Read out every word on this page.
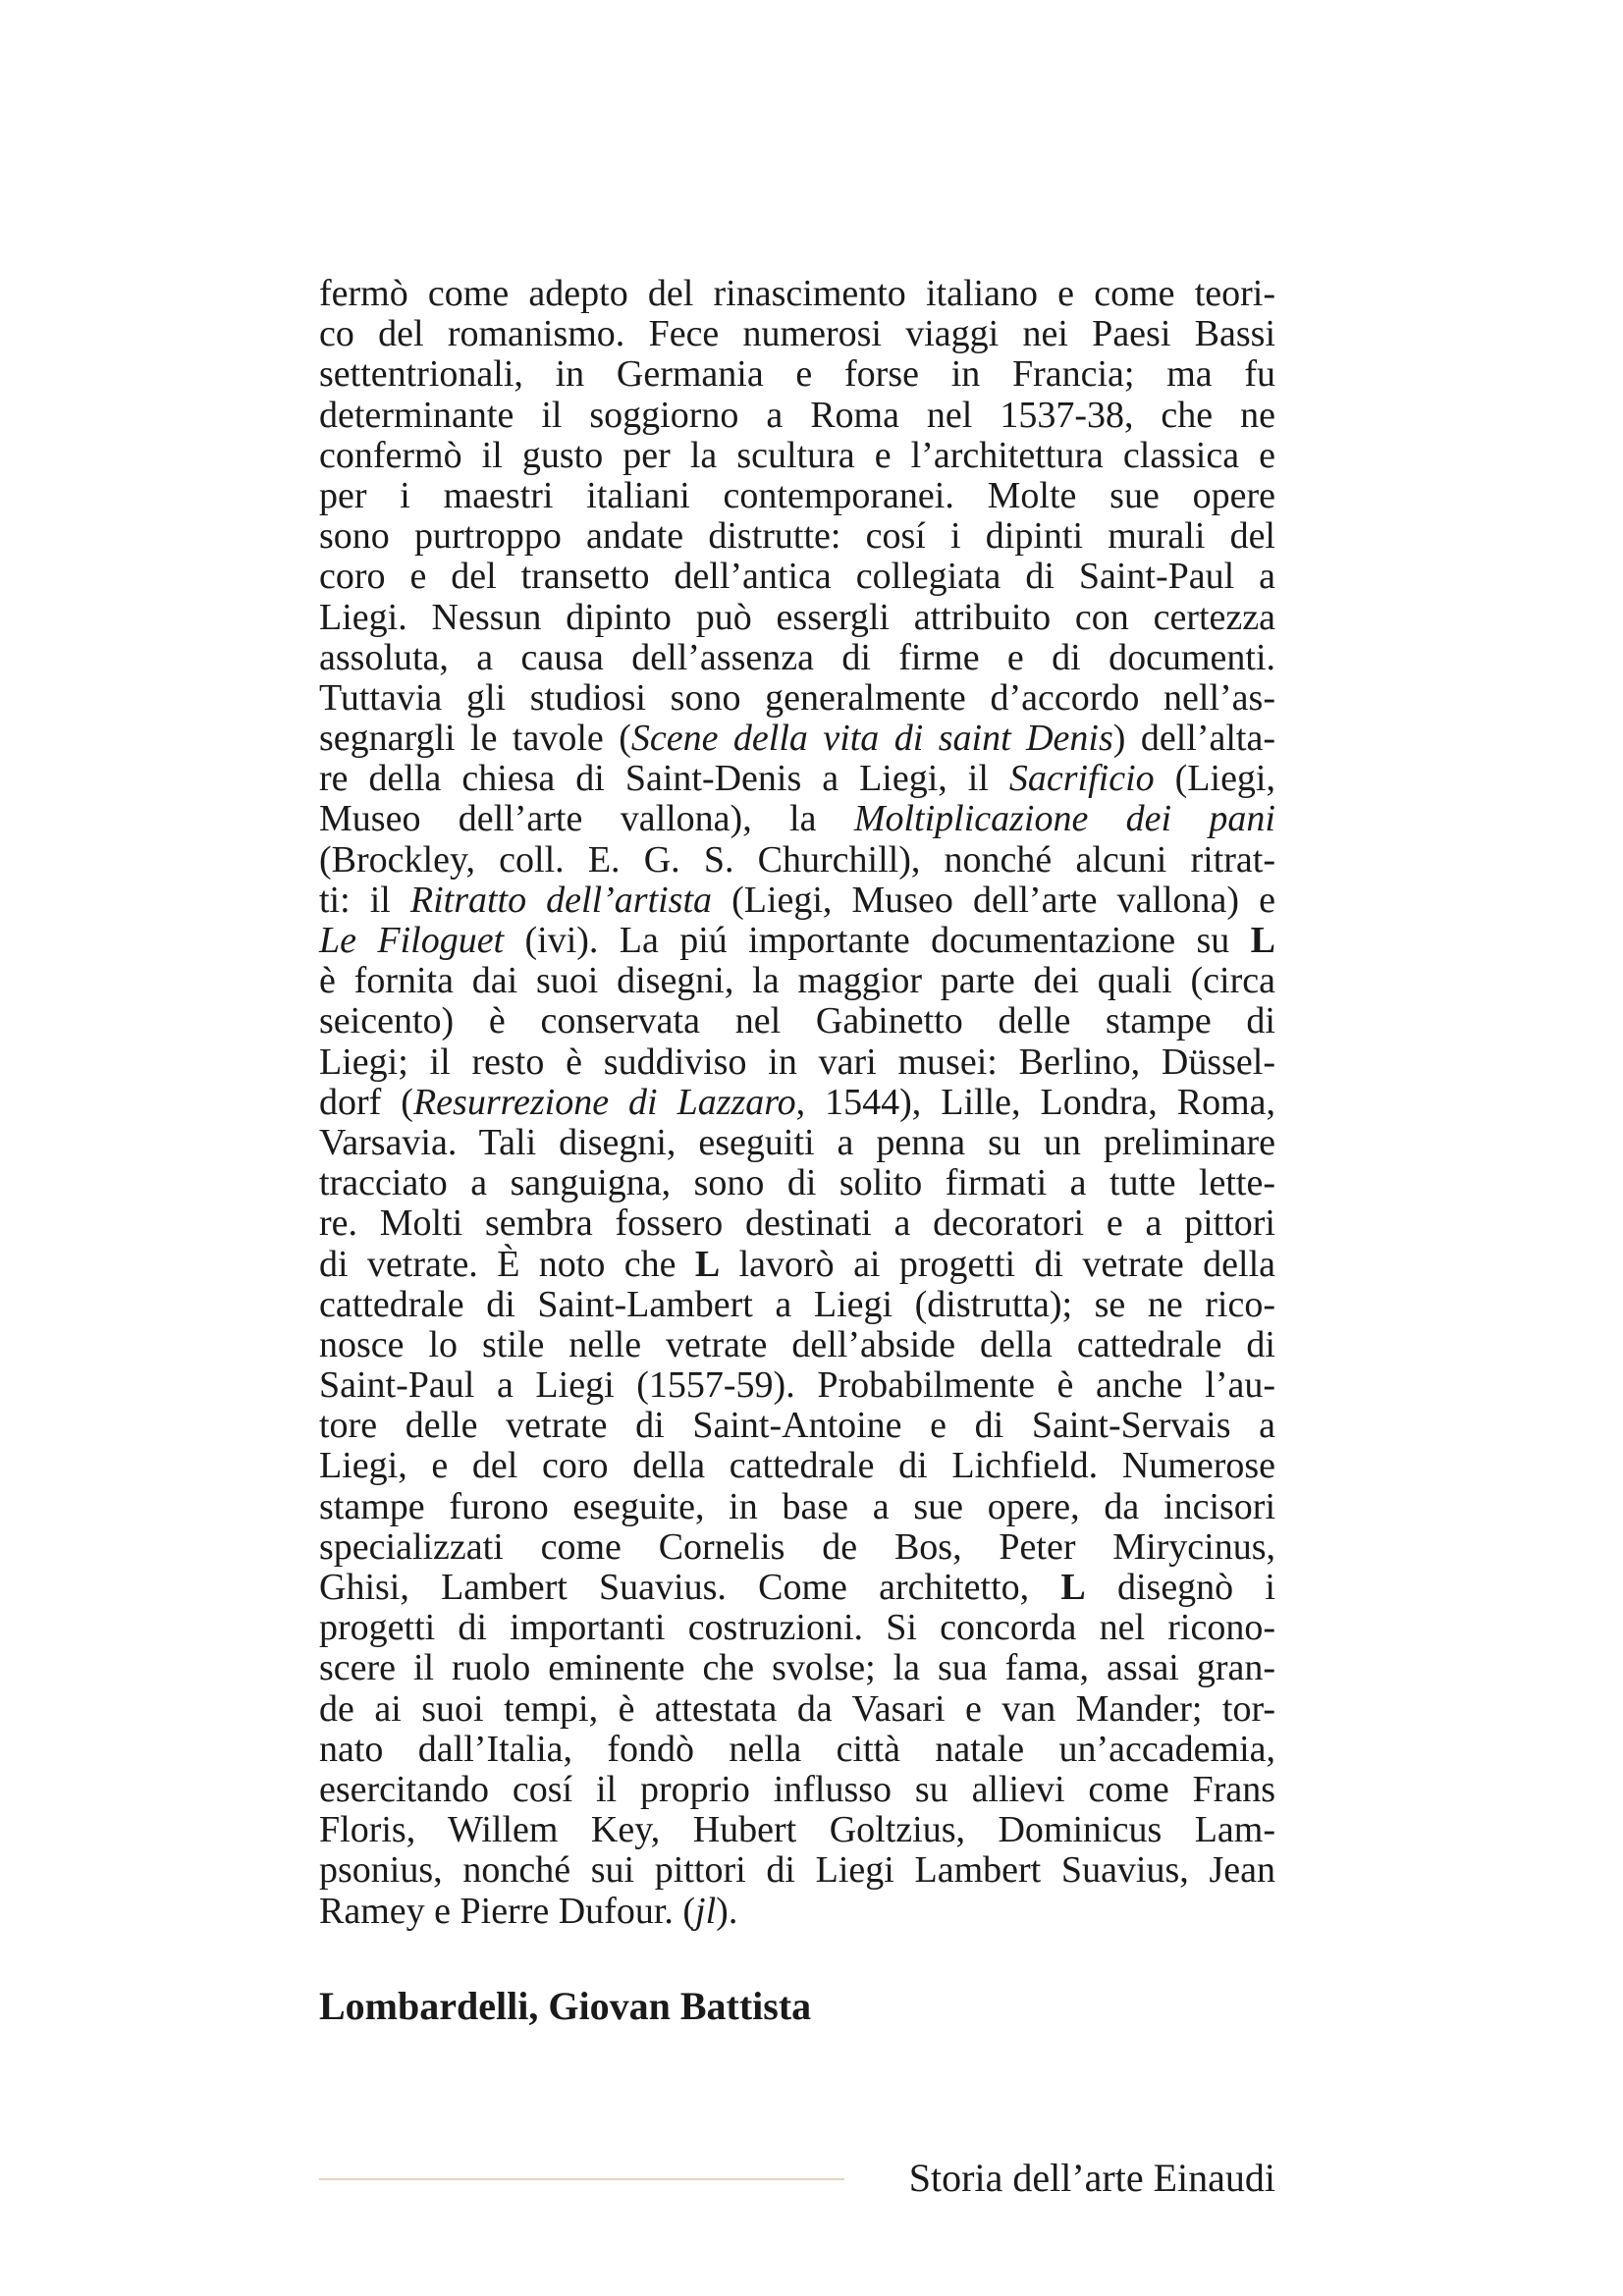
fermò come adepto del rinascimento italiano e come teori-
co del romanismo. Fece numerosi viaggi nei Paesi Bassi
settentrionali, in Germania e forse in Francia; ma fu
determinante il soggiorno a Roma nel 1537-38, che ne
confermò il gusto per la scultura e l’architettura classica e
per i maestri italiani contemporanei. Molte sue opere
sono purtroppo andate distrutte: cosí i dipinti murali del
coro e del transetto dell’antica collegiata di Saint-Paul a
Liegi. Nessun dipinto può essergli attribuito con certezza
assoluta, a causa dell’assenza di firme e di documenti.
Tuttavia gli studiosi sono generalmente d’accordo nell’as-
segnargli le tavole (Scene della vita di saint Denis) dell’alta-
re della chiesa di Saint-Denis a Liegi, il Sacrificio (Liegi,
Museo dell’arte vallona), la Moltiplicazione dei pani
(Brockley, coll. E. G. S. Churchill), nonché alcuni ritrat-
ti: il Ritratto dell’artista (Liegi, Museo dell’arte vallona) e
Le Filoguet (ivi). La piú importante documentazione su L
è fornita dai suoi disegni, la maggior parte dei quali (circa
seicento) è conservata nel Gabinetto delle stampe di
Liegi; il resto è suddiviso in vari musei: Berlino, Düssel-
dorf (Resurrezione di Lazzaro, 1544), Lille, Londra, Roma,
Varsavia. Tali disegni, eseguiti a penna su un preliminare
tracciato a sanguigna, sono di solito firmati a tutte lette-
re. Molti sembra fossero destinati a decoratori e a pittori
di vetrate. È noto che L lavorò ai progetti di vetrate della
cattedrale di Saint-Lambert a Liegi (distrutta); se ne rico-
nosce lo stile nelle vetrate dell’abside della cattedrale di
Saint-Paul a Liegi (1557-59). Probabilmente è anche l’au-
tore delle vetrate di Saint-Antoine e di Saint-Servais a
Liegi, e del coro della cattedrale di Lichfield. Numerose
stampe furono eseguite, in base a sue opere, da incisori
specializzati come Cornelis de Bos, Peter Mirycinus,
Ghisi, Lambert Suavius. Come architetto, L disegnò i
progetti di importanti costruzioni. Si concorda nel ricono-
scere il ruolo eminente che svolse; la sua fama, assai gran-
de ai suoi tempi, è attestata da Vasari e van Mander; tor-
nato dall’Italia, fondò nella città natale un’accademia,
esercitando cosí il proprio influsso su allievi come Frans
Floris, Willem Key, Hubert Goltzius, Dominicus Lam-
psonius, nonché sui pittori di Liegi Lambert Suavius, Jean
Ramey e Pierre Dufour. (jl).
Lombardelli, Giovan Battista
Storia dell’arte Einaudi
